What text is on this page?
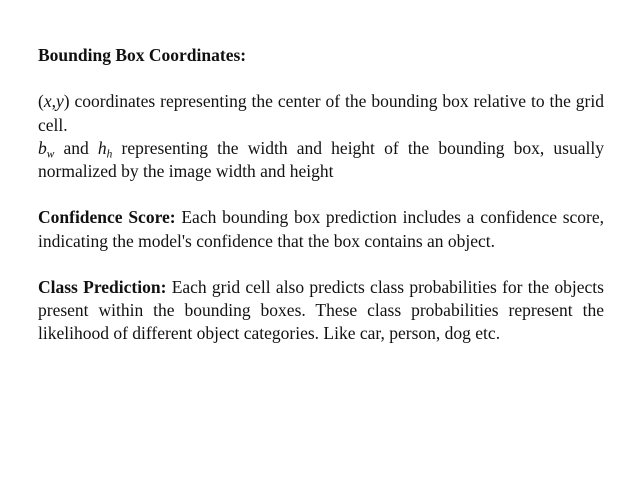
Bounding Box Coordinates:

(x,y) coordinates representing the center of the bounding box relative to the grid cell.

$b_w$ and $h_h$ representing the width and height of the bounding box, usually normalized by the image width and height

Confidence Score: Each bounding box prediction includes a confidence score, indicating the model's confidence that the box contains an object.

Class Prediction: Each grid cell also predicts class probabilities for the objects present within the bounding boxes. These class probabilities represent the likelihood of different object categories. Like car, person, dog etc.
